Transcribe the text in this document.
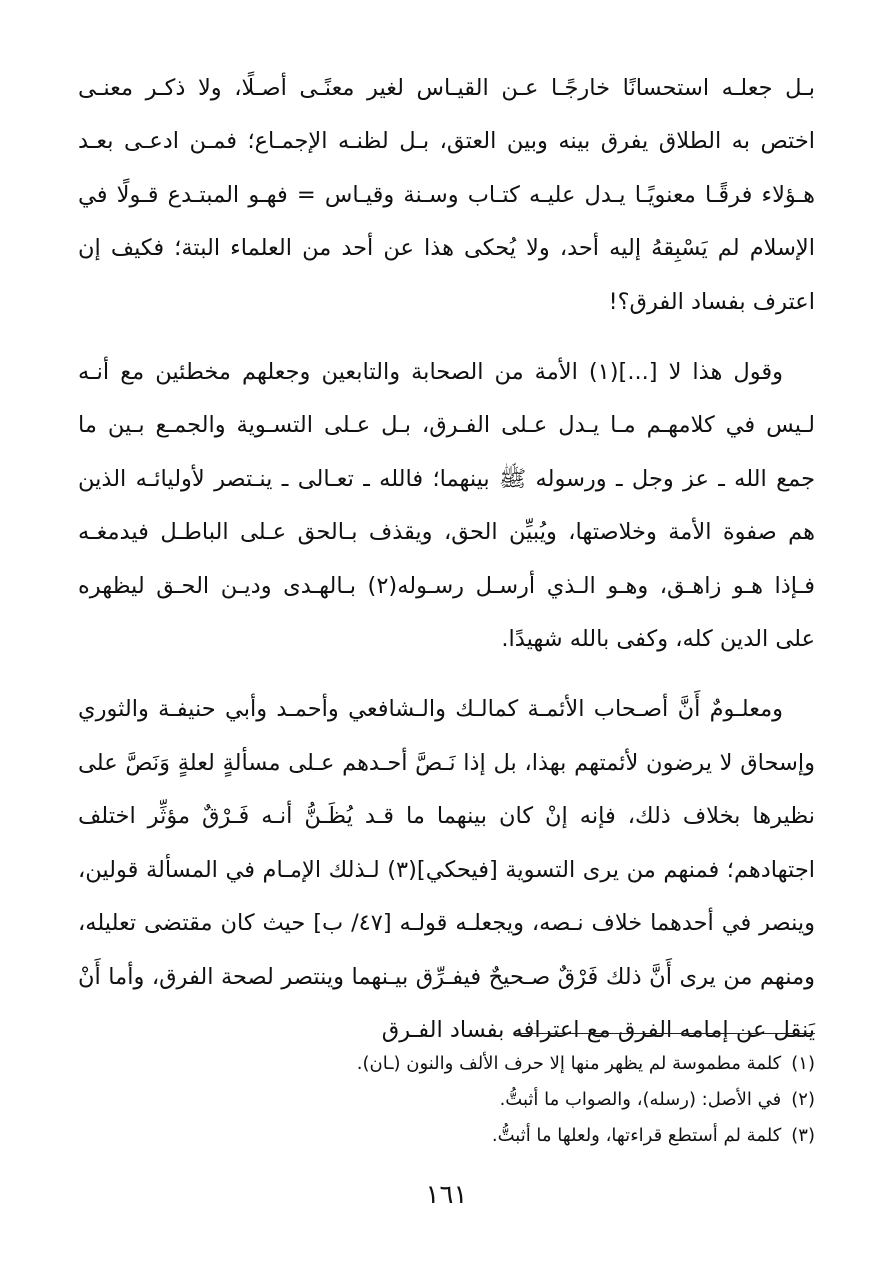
بـل جعلـه استحسانًا خارجًـا عـن القيـاس لغير معنًـى أصـلًا، ولا ذكـر معنـى اختص به الطلاق يفرق بينه وبين العتق، بـل لظنـه الإجمـاع؛ فمـن ادعـى بعـد هـؤلاء فرقًـا معنويًـا يـدل عليـه كتـاب وسـنة وقيـاس = فهـو المبتـدع قـولًا في الإسلام لم يَسْبِقهُ إليه أحد، ولا يُحكى هذا عن أحد من العلماء البتة؛ فكيف إن اعترف بفساد الفرق؟!

وقول هذا لا [...](١) الأمة من الصحابة والتابعين وجعلهم مخطئين مع أنـه لـيس في كلامهـم مـا يـدل عـلى الفـرق، بـل عـلى التسـوية والجمـع بـين ما جمع الله ـ عز وجل ـ ورسوله ﷺ بينهما؛ فالله ـ تعـالى ـ ينـتصر لأوليائـه الذين هم صفوة الأمة وخلاصتها، ويُبيِّن الحق، ويقذف بـالحق عـلى الباطـل فيدمغـه فـإذا هـو زاهـق، وهـو الـذي أرسـل رسـوله(٢) بـالهـدى وديـن الحـق ليظهره على الدين كله، وكفى بالله شهيدًا.

ومعلـومٌ أَنَّ أصـحاب الأئمـة كمالـك والـشافعي وأحمـد وأبي حنيفـة والثوري وإسحاق لا يرضون لأئمتهم بهذا، بل إذا نَـصَّ أحـدهم عـلى مسألةٍ لعلةٍ وَنَصَّ على نظيرها بخلاف ذلك، فإنه إنْ كان بينهما ما قـد يُظَـنُّ أنـه فَـرْقٌ مؤثِّر اختلف اجتهادهم؛ فمنهم من يرى التسوية [فيحكي](٣) لـذلك الإمـام في المسألة قولين، وينصر في أحدهما خلاف نـصه، ويجعلـه قولـه [٤٧/ ب] حيث كان مقتضى تعليله، ومنهم من يرى أَنَّ ذلك فَرْقٌ صـحيحٌ فيفـرِّق بيـنهما وينتصر لصحة الفرق، وأما أَنْ يَنقل عن إمامه الفرق مع اعترافه بفساد الفـرق

(١)كلمة مطموسة لم يظهر منها إلا حرف الألف والنون (ـان).
(٢)في الأصل: (رسله)، والصواب ما أثبتُّ.
(٣)كلمة لم أستطع قراءتها، ولعلها ما أثبتُّ.
١٦١
